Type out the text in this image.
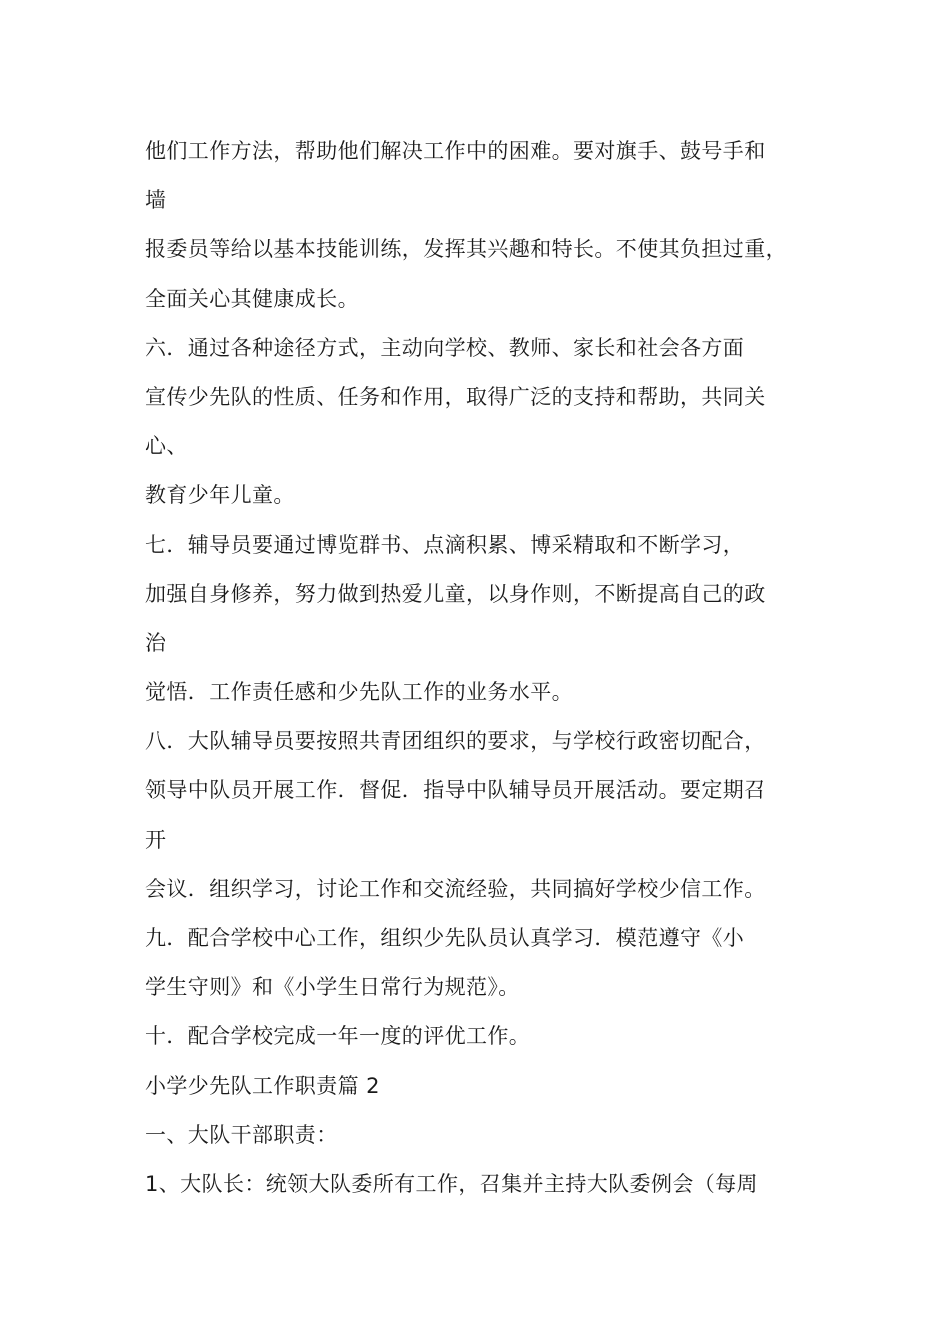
他们工作方法，帮助他们解决工作中的困难。要对旗手、鼓号手和
墙
报委员等给以基本技能训练，发挥其兴趣和特长。不使其负担过重，
全面关心其健康成长。
六．通过各种途径方式，主动向学校、教师、家长和社会各方面
宣传少先队的性质、任务和作用，取得广泛的支持和帮助，共同关
心、
教育少年儿童。
七．辅导员要通过博览群书、点滴积累、博采精取和不断学习，
加强自身修养，努力做到热爱儿童，以身作则，不断提高自己的政
治
觉悟．工作责任感和少先队工作的业务水平。
八．大队辅导员要按照共青团组织的要求，与学校行政密切配合，
领导中队员开展工作．督促．指导中队辅导员开展活动。要定期召
开
会议．组织学习，讨论工作和交流经验，共同搞好学校少信工作。
九．配合学校中心工作，组织少先队员认真学习．模范遵守《小
学生守则》和《小学生日常行为规范》。
十．配合学校完成一年一度的评优工作。
小学少先队工作职责篇 2
一、大队干部职责：
1、大队长：统领大队委所有工作，召集并主持大队委例会（每周
